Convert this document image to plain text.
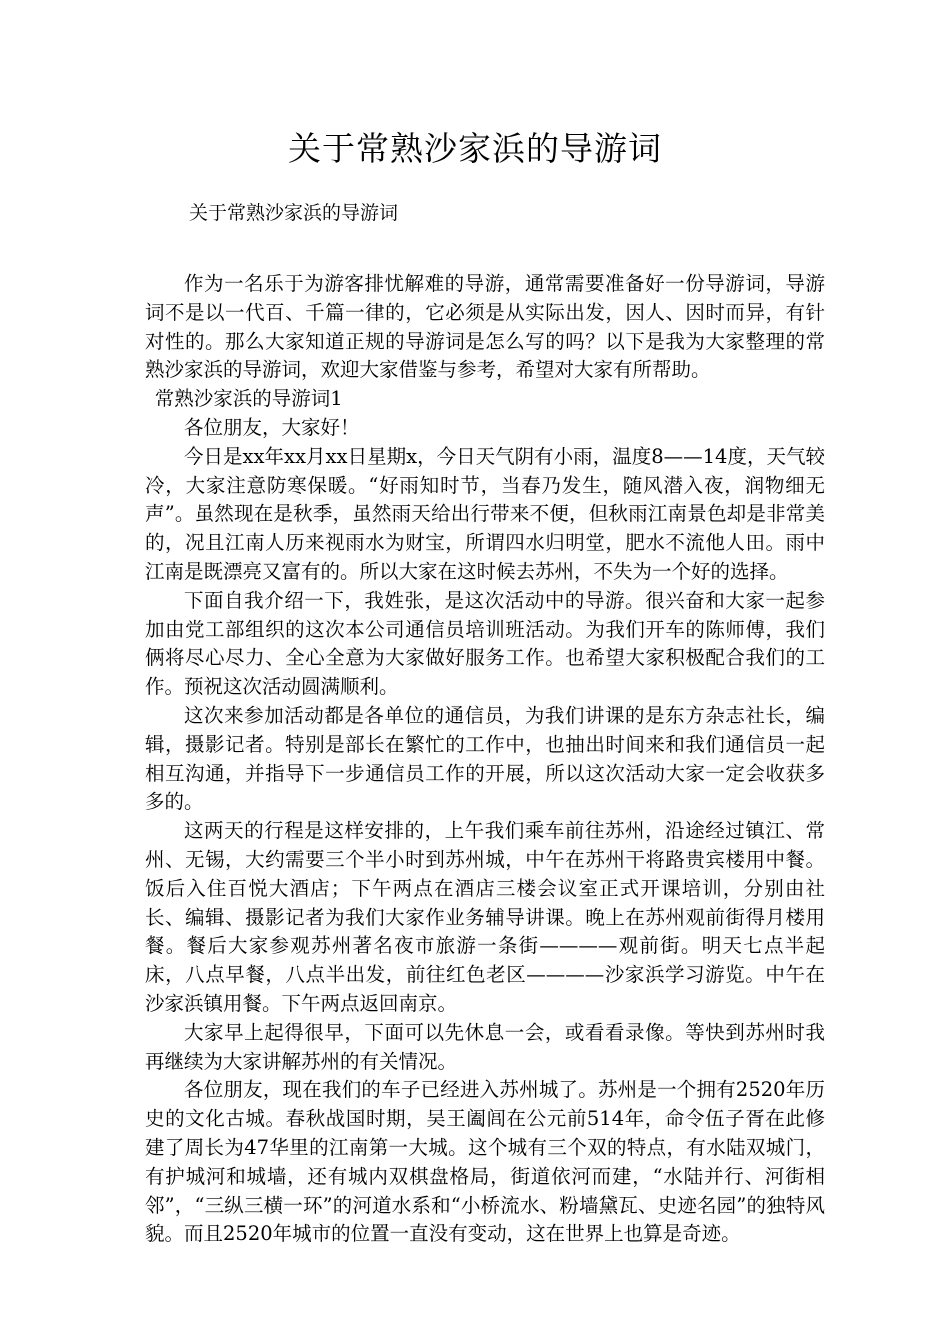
关于常熟沙家浜的导游词
关于常熟沙家浜的导游词

作为一名乐于为游客排忧解难的导游，通常需要准备好一份导游词，导游词不是以一代百、千篇一律的，它必须是从实际出发，因人、因时而异，有针对性的。那么大家知道正规的导游词是怎么写的吗？以下是我为大家整理的常熟沙家浜的导游词，欢迎大家借鉴与参考，希望对大家有所帮助。

常熟沙家浜的导游词1

各位朋友，大家好！

今日是xx年xx月xx日星期x，今日天气阴有小雨，温度8——14度，天气较冷，大家注意防寒保暖。“好雨知时节，当春乃发生，随风潜入夜，润物细无声”。虽然现在是秋季，虽然雨天给出行带来不便，但秋雨江南景色却是非常美的，况且江南人历来视雨水为财宝，所谓四水归明堂，肥水不流他人田。雨中江南是既漂亮又富有的。所以大家在这时候去苏州，不失为一个好的选择。

下面自我介绍一下，我姓张，是这次活动中的导游。很兴奋和大家一起参加由党工部组织的这次本公司通信员培训班活动。为我们开车的陈师傅，我们俩将尽心尽力、全心全意为大家做好服务工作。也希望大家积极配合我们的工作。预祝这次活动圆满顺利。

这次来参加活动都是各单位的通信员，为我们讲课的是东方杂志社长，编辑，摄影记者。特别是部长在繁忙的工作中，也抽出时间来和我们通信员一起相互沟通，并指导下一步通信员工作的开展，所以这次活动大家一定会收获多多的。

这两天的行程是这样安排的，上午我们乘车前往苏州，沿途经过镇江、常州、无锡，大约需要三个半小时到苏州城，中午在苏州干将路贵宾楼用中餐。饭后入住百悦大酒店；下午两点在酒店三楼会议室正式开课培训，分别由社长、编辑、摄影记者为我们大家作业务辅导讲课。晚上在苏州观前街得月楼用餐。餐后大家参观苏州著名夜市旅游一条街————观前街。明天七点半起床，八点早餐，八点半出发，前往红色老区————沙家浜学习游览。中午在沙家浜镇用餐。下午两点返回南京。

大家早上起得很早，下面可以先休息一会，或看看录像。等快到苏州时我再继续为大家讲解苏州的有关情况。

各位朋友，现在我们的车子已经进入苏州城了。苏州是一个拥有2520年历史的文化古城。春秋战国时期，吴王阖闾在公元前514年，命令伍子胥在此修建了周长为47华里的江南第一大城。这个城有三个双的特点，有水陆双城门，有护城河和城墙，还有城内双棋盘格局，街道依河而建，“水陆并行、河街相邻”，“三纵三横一环”的河道水系和“小桥流水、粉墙黛瓦、史迹名园”的独特风貌。而且2520年城市的位置一直没有变动，这在世界上也算是奇迹。
